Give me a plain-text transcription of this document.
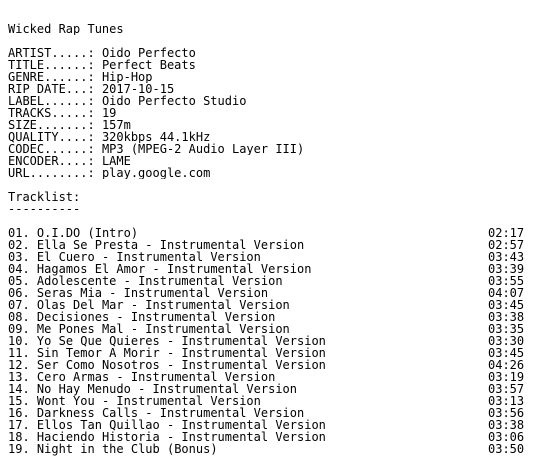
Wicked Rap Tunes
ARTIST.....: Oido Perfecto
TITLE......: Perfect Beats
GENRE......: Hip-Hop
RIP DATE...: 2017-10-15
LABEL......: Oido Perfecto Studio
TRACKS.....: 19
SIZE.......: 157m
QUALITY....: 320kbps 44.1kHz
CODEC......: MP3 (MPEG-2 Audio Layer III)
ENCODER....: LAME
URL........: play.google.com
Tracklist:
----------
01. O.I.DO (Intro)	02:17
02. Ella Se Presta - Instrumental Version	02:57
03. El Cuero - Instrumental Version	03:43
04. Hagamos El Amor - Instrumental Version	03:39
05. Adolescente - Instrumental Version	03:55
06. Seras Mia - Instrumental Version	04:07
07. Olas Del Mar - Instrumental Version	03:45
08. Decisiones - Instrumental Version	03:38
09. Me Pones Mal - Instrumental Version	03:35
10. Yo Se Que Quieres - Instrumental Version	03:30
11. Sin Temor A Morir - Instrumental Version	03:45
12. Ser Como Nosotros - Instrumental Version	04:26
13. Cero Armas - Instrumental Version	03:19
14. No Hay Menudo - Instrumental Version	03:57
15. Wont You - Instrumental Version	03:13
16. Darkness Calls - Instrumental Version	03:56
17. Ellos Tan Quillao - Instrumental Version	03:38
18. Haciendo Historia - Instrumental Version	03:06
19. Night in the Club (Bonus)	03:50
